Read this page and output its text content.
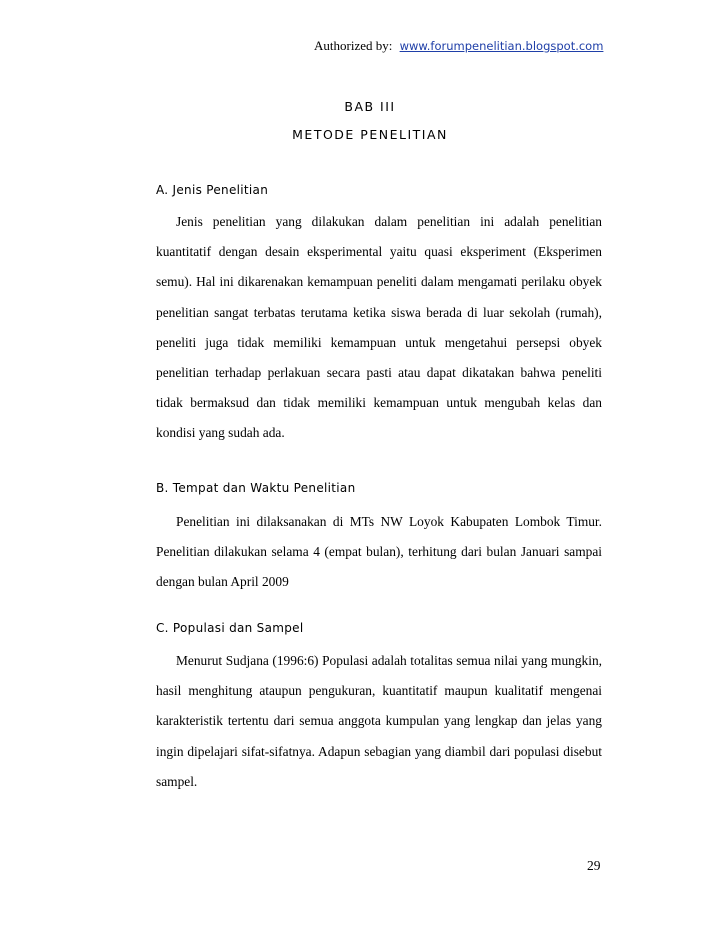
Authorized by: www.forumpenelitian.blogspot.com
BAB III
METODE PENELITIAN
A. Jenis Penelitian

Jenis penelitian yang dilakukan dalam penelitian ini adalah penelitian kuantitatif dengan desain eksperimental yaitu quasi eksperiment (Eksperimen semu). Hal ini dikarenakan kemampuan peneliti dalam mengamati perilaku obyek penelitian sangat terbatas terutama ketika siswa berada di luar sekolah (rumah), peneliti juga tidak memiliki kemampuan untuk mengetahui persepsi obyek penelitian terhadap perlakuan secara pasti atau dapat dikatakan bahwa peneliti tidak bermaksud dan tidak memiliki kemampuan untuk mengubah kelas dan kondisi yang sudah ada.

B. Tempat dan Waktu Penelitian

Penelitian ini dilaksanakan di MTs NW Loyok Kabupaten Lombok Timur. Penelitian dilakukan selama 4 (empat bulan), terhitung dari bulan Januari sampai dengan bulan April 2009

C. Populasi dan Sampel

Menurut Sudjana (1996:6) Populasi adalah totalitas semua nilai yang mungkin, hasil menghitung ataupun pengukuran, kuantitatif maupun kualitatif mengenai karakteristik tertentu dari semua anggota kumpulan yang lengkap dan jelas yang ingin dipelajari sifat-sifatnya. Adapun sebagian yang diambil dari populasi disebut sampel.

29
